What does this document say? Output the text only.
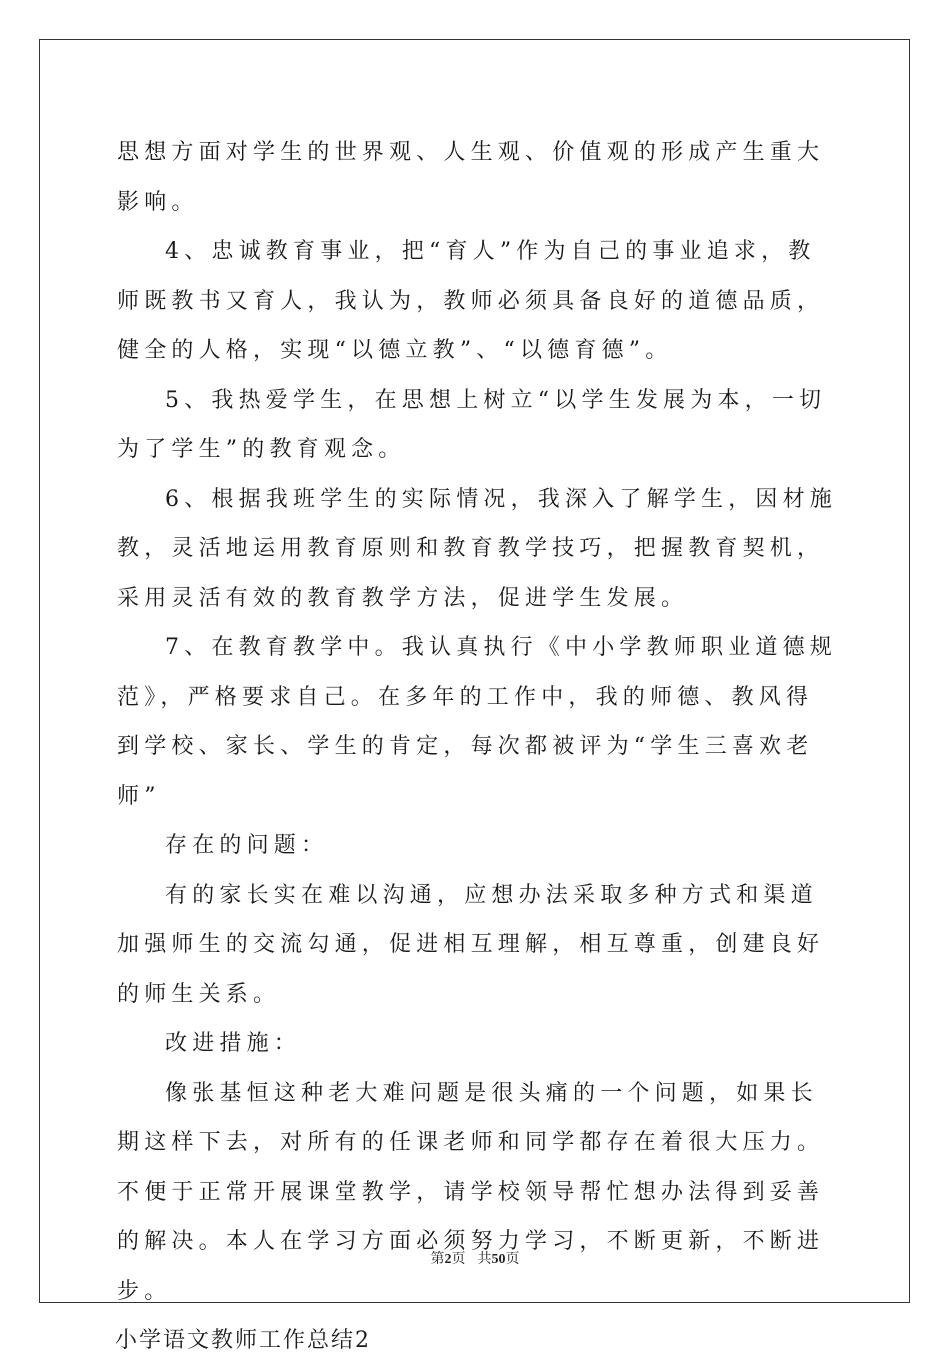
思想方面对学生的世界观、人生观、价值观的形成产生重大影响。

4、忠诚教育事业，把“育人”作为自己的事业追求，教师既教书又育人，我认为，教师必须具备良好的道德品质，健全的人格，实现“以德立教”、“以德育德”。

5、我热爱学生，在思想上树立“以学生发展为本，一切为了学生”的教育观念。

6、根据我班学生的实际情况，我深入了解学生，因材施教，灵活地运用教育原则和教育教学技巧，把握教育契机，采用灵活有效的教育教学方法，促进学生发展。

7、在教育教学中。我认真执行《中小学教师职业道德规范》，严格要求自己。在多年的工作中，我的师德、教风得到学校、家长、学生的肯定，每次都被评为“学生三喜欢老师”

存在的问题：

有的家长实在难以沟通，应想办法采取多种方式和渠道加强师生的交流勾通，促进相互理解，相互尊重，创建良好的师生关系。

改进措施：

像张基恒这种老大难问题是很头痛的一个问题，如果长期这样下去，对所有的任课老师和同学都存在着很大压力。不便于正常开展课堂教学，请学校领导帮忙想办法得到妥善的解决。本人在学习方面必须努力学习，不断更新，不断进步。

小学语文教师工作总结2

第2页 共50页
